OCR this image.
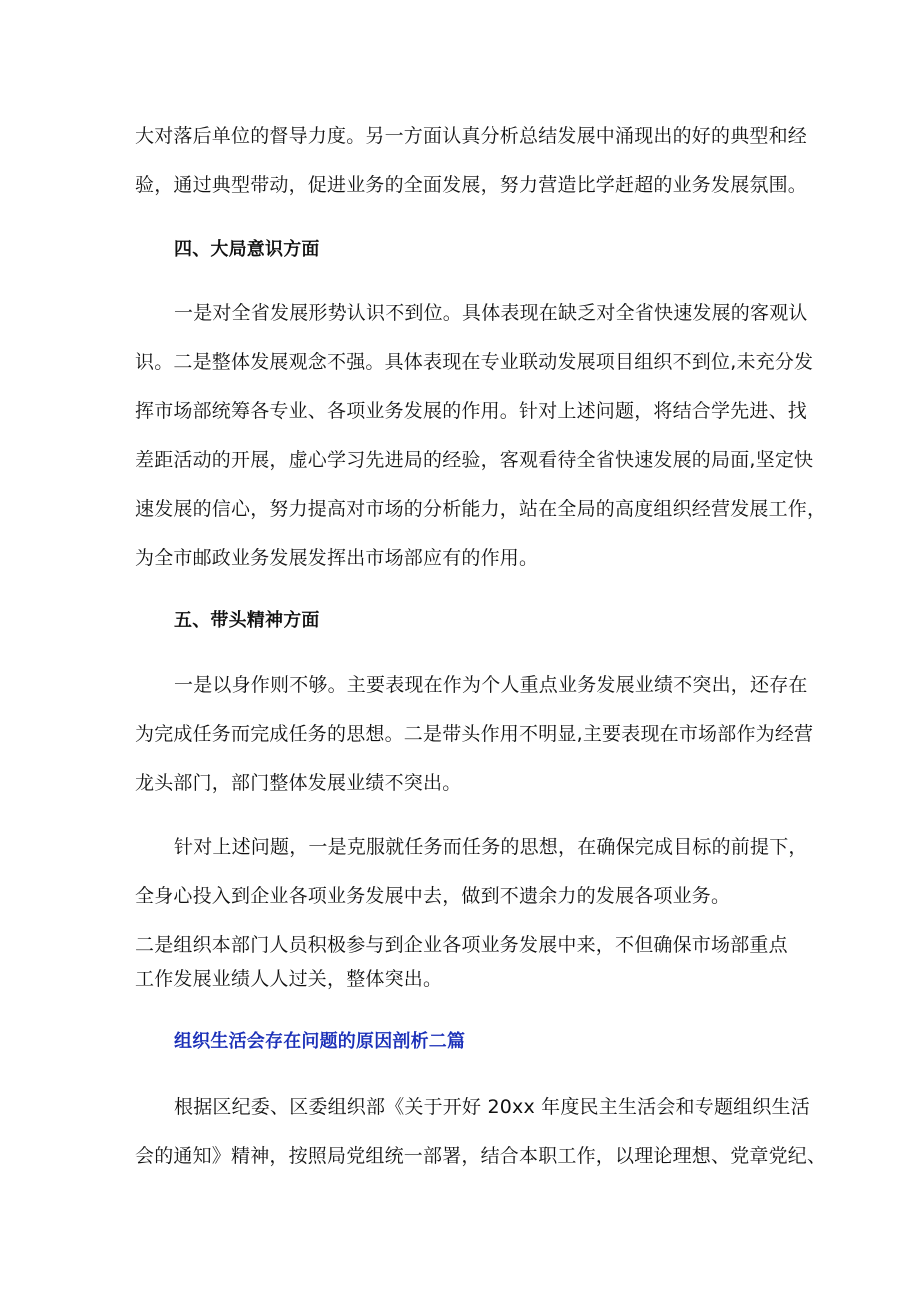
大对落后单位的督导力度。另一方面认真分析总结发展中涌现出的好的典型和经
验，通过典型带动，促进业务的全面发展，努力营造比学赶超的业务发展氛围。
四、大局意识方面
一是对全省发展形势认识不到位。具体表现在缺乏对全省快速发展的客观认
识。二是整体发展观念不强。具体表现在专业联动发展项目组织不到位,未充分发
挥市场部统筹各专业、各项业务发展的作用。针对上述问题，将结合学先进、找
差距活动的开展，虚心学习先进局的经验，客观看待全省快速发展的局面,坚定快
速发展的信心，努力提高对市场的分析能力，站在全局的高度组织经营发展工作，
为全市邮政业务发展发挥出市场部应有的作用。
五、带头精神方面
一是以身作则不够。主要表现在作为个人重点业务发展业绩不突出，还存在
为完成任务而完成任务的思想。二是带头作用不明显,主要表现在市场部作为经营
龙头部门，部门整体发展业绩不突出。
针对上述问题，一是克服就任务而任务的思想，在确保完成目标的前提下，
全身心投入到企业各项业务发展中去，做到不遗余力的发展各项业务。
二是组织本部门人员积极参与到企业各项业务发展中来，不但确保市场部重点
工作发展业绩人人过关，整体突出。
组织生活会存在问题的原因剖析二篇
根据区纪委、区委组织部《关于开好 20xx 年度民主生活会和专题组织生活
会的通知》精神，按照局党组统一部署，结合本职工作，以理论理想、党章党纪、
